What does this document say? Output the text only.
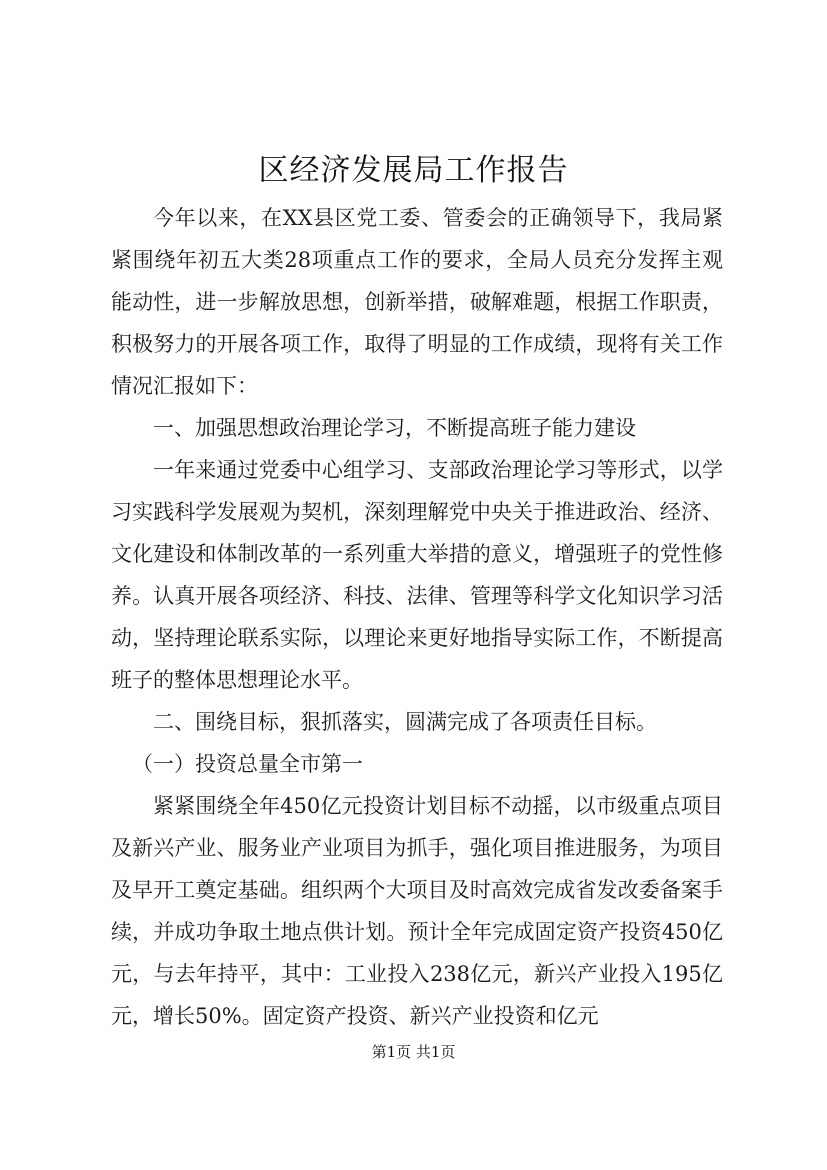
区经济发展局工作报告

今年以来，在XX县区党工委、管委会的正确领导下，我局紧紧围绕年初五大类28项重点工作的要求，全局人员充分发挥主观能动性，进一步解放思想，创新举措，破解难题，根据工作职责，积极努力的开展各项工作，取得了明显的工作成绩，现将有关工作情况汇报如下：

一、加强思想政治理论学习，不断提高班子能力建设

一年来通过党委中心组学习、支部政治理论学习等形式，以学习实践科学发展观为契机，深刻理解党中央关于推进政治、经济、文化建设和体制改革的一系列重大举措的意义，增强班子的党性修养。认真开展各项经济、科技、法律、管理等科学文化知识学习活动，坚持理论联系实际，以理论来更好地指导实际工作，不断提高班子的整体思想理论水平。

二、围绕目标，狠抓落实，圆满完成了各项责任目标。

（一）投资总量全市第一

紧紧围绕全年450亿元投资计划目标不动摇，以市级重点项目及新兴产业、服务业产业项目为抓手，强化项目推进服务，为项目及早开工奠定基础。组织两个大项目及时高效完成省发改委备案手续，并成功争取土地点供计划。预计全年完成固定资产投资450亿元，与去年持平，其中：工业投入238亿元，新兴产业投入195亿元，增长50%。固定资产投资、新兴产业投资和亿元

第1页 共1页
